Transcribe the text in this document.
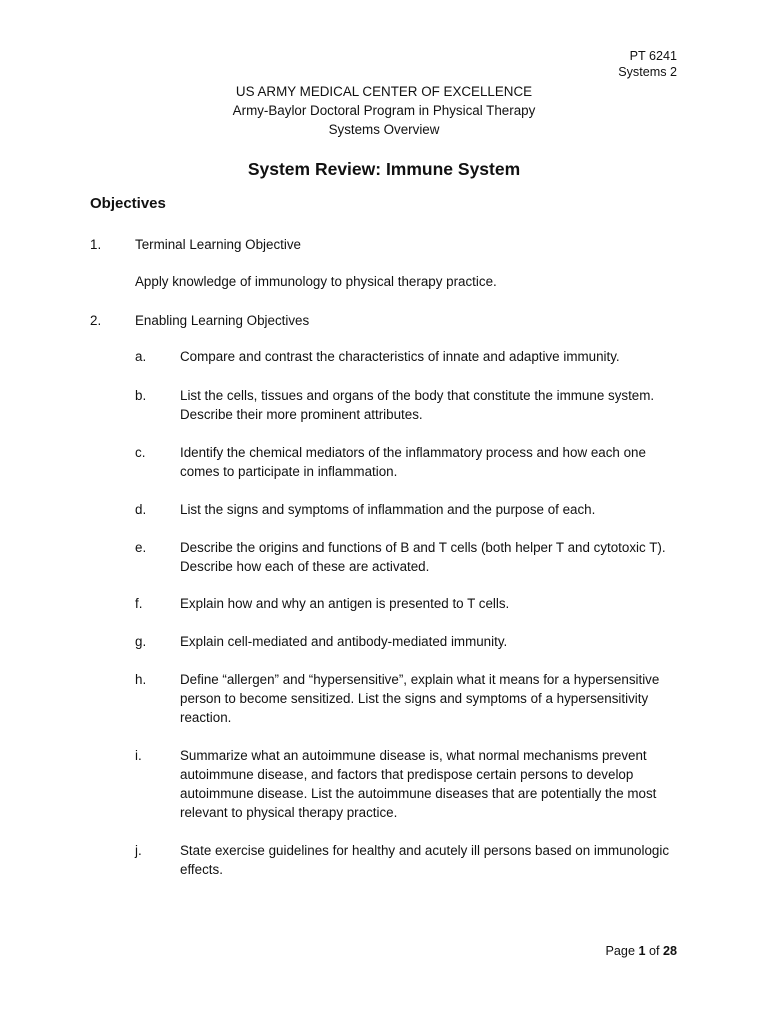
PT 6241
Systems 2
US ARMY MEDICAL CENTER OF EXCELLENCE
Army-Baylor Doctoral Program in Physical Therapy
Systems Overview
System Review: Immune System
Objectives
1.	Terminal Learning Objective
Apply knowledge of immunology to physical therapy practice.
2.	Enabling Learning Objectives
a.	Compare and contrast the characteristics of innate and adaptive immunity.
b.	List the cells, tissues and organs of the body that constitute the immune system. Describe their more prominent attributes.
c.	Identify the chemical mediators of the inflammatory process and how each one comes to participate in inflammation.
d.	List the signs and symptoms of inflammation and the purpose of each.
e.	Describe the origins and functions of B and T cells (both helper T and cytotoxic T). Describe how each of these are activated.
f.	Explain how and why an antigen is presented to T cells.
g.	Explain cell-mediated and antibody-mediated immunity.
h.	Define “allergen” and “hypersensitive”, explain what it means for a hypersensitive person to become sensitized. List the signs and symptoms of a hypersensitivity reaction.
i.	Summarize what an autoimmune disease is, what normal mechanisms prevent autoimmune disease, and factors that predispose certain persons to develop autoimmune disease. List the autoimmune diseases that are potentially the most relevant to physical therapy practice.
j.	State exercise guidelines for healthy and acutely ill persons based on immunologic effects.
Page 1 of 28
